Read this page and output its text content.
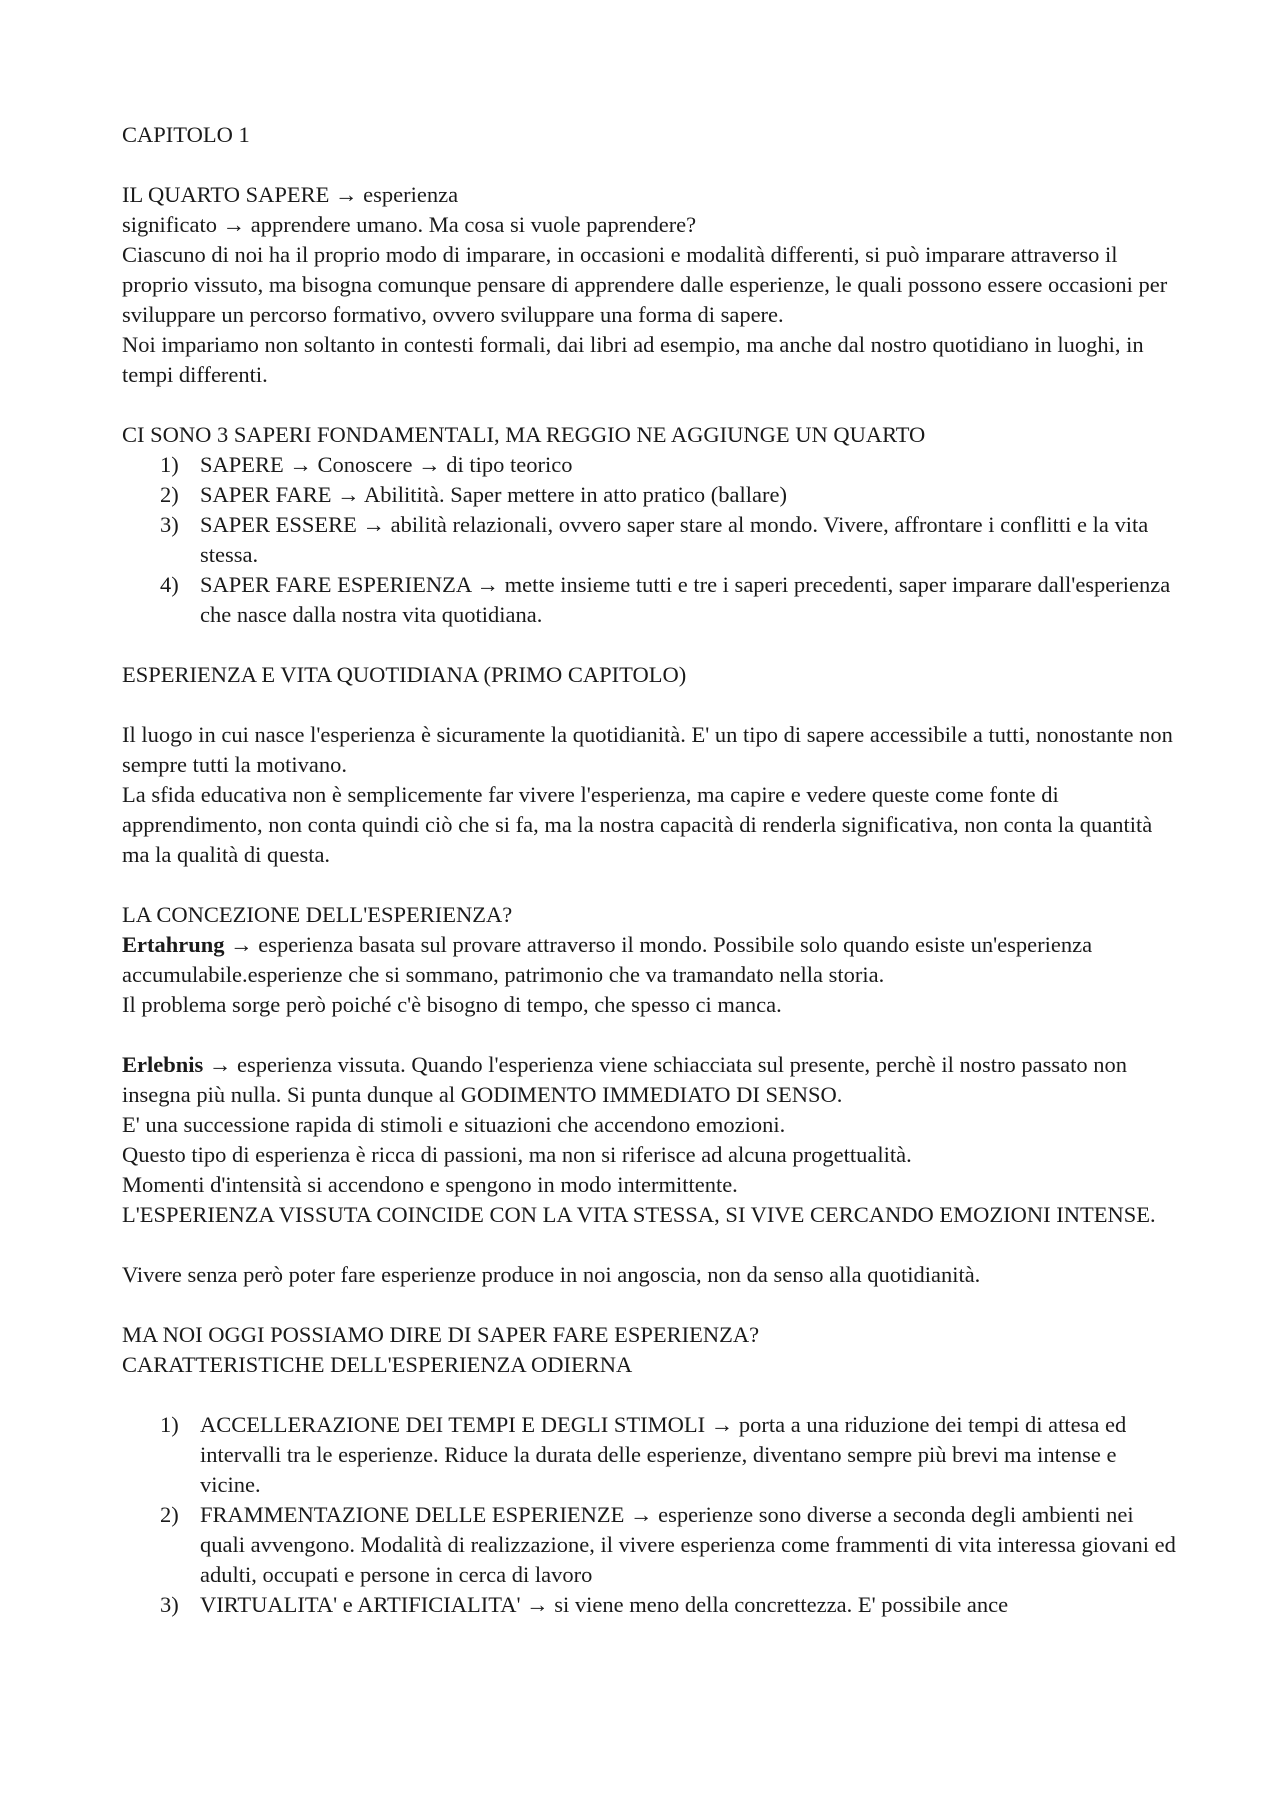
CAPITOLO 1

IL QUARTO SAPERE → esperienza

significato → apprendere umano. Ma cosa si vuole paprendere?

Ciascuno di noi ha il proprio modo di imparare, in occasioni e modalità differenti, si può imparare attraverso il proprio vissuto, ma bisogna comunque pensare di apprendere dalle esperienze, le quali possono essere occasioni per sviluppare un percorso formativo, ovvero sviluppare una forma di sapere.

Noi impariamo non soltanto in contesti formali, dai libri ad esempio, ma anche dal nostro quotidiano in luoghi, in tempi differenti.

CI SONO 3 SAPERI FONDAMENTALI, MA REGGIO NE AGGIUNGE UN QUARTO

1) SAPERE → Conoscere → di tipo teorico
2) SAPER FARE → Abilitità. Saper mettere in atto pratico (ballare)
3) SAPER ESSERE → abilità relazionali, ovvero saper stare al mondo. Vivere, affrontare i conflitti e la vita stessa.
4) SAPER FARE ESPERIENZA → mette insieme tutti e tre i saperi precedenti, saper imparare dall'esperienza che nasce dalla nostra vita quotidiana.

ESPERIENZA E VITA QUOTIDIANA (PRIMO CAPITOLO)

Il luogo in cui nasce l'esperienza è sicuramente la quotidianità. E' un tipo di sapere accessibile a tutti, nonostante non sempre tutti la motivano.

La sfida educativa non è semplicemente far vivere l'esperienza, ma capire e vedere queste come fonte di apprendimento, non conta quindi ciò che si fa, ma la nostra capacità di renderla significativa, non conta la quantità ma la qualità di questa.

LA CONCEZIONE DELL'ESPERIENZA?

Ertahrung → esperienza basata sul provare attraverso il mondo. Possibile solo quando esiste un'esperienza accumulabile.esperienze che si sommano, patrimonio che va tramandato nella storia.

Il problema sorge però poiché c'è bisogno di tempo, che spesso ci manca.

Erlebnis → esperienza vissuta. Quando l'esperienza viene schiacciata sul presente, perchè il nostro passato non insegna più nulla. Si punta dunque al GODIMENTO IMMEDIATO DI SENSO.

E' una successione rapida di stimoli e situazioni che accendono emozioni.

Questo tipo di esperienza è ricca di passioni, ma non si riferisce ad alcuna progettualità.

Momenti d'intensità si accendono e spengono in modo intermittente.

L'ESPERIENZA VISSUTA COINCIDE CON LA VITA STESSA, SI VIVE CERCANDO EMOZIONI INTENSE.

Vivere senza però poter fare esperienze produce in noi angoscia, non da senso alla quotidianità.

MA NOI OGGI POSSIAMO DIRE DI SAPER FARE ESPERIENZA?

CARATTERISTICHE DELL'ESPERIENZA ODIERNA

1) ACCELLERAZIONE DEI TEMPI E DEGLI STIMOLI → porta a una riduzione dei tempi di attesa ed intervalli tra le esperienze. Riduce la durata delle esperienze, diventano sempre più brevi ma intense e vicine.
2) FRAMMENTAZIONE DELLE ESPERIENZE → esperienze sono diverse a seconda degli ambienti nei quali avvengono. Modalità di realizzazione, il vivere esperienza come frammenti di vita interessa giovani ed adulti, occupati e persone in cerca di lavoro
3) VIRTUALITA' e ARTIFICIALITA' → si viene meno della concrettezza. E' possibile ance
